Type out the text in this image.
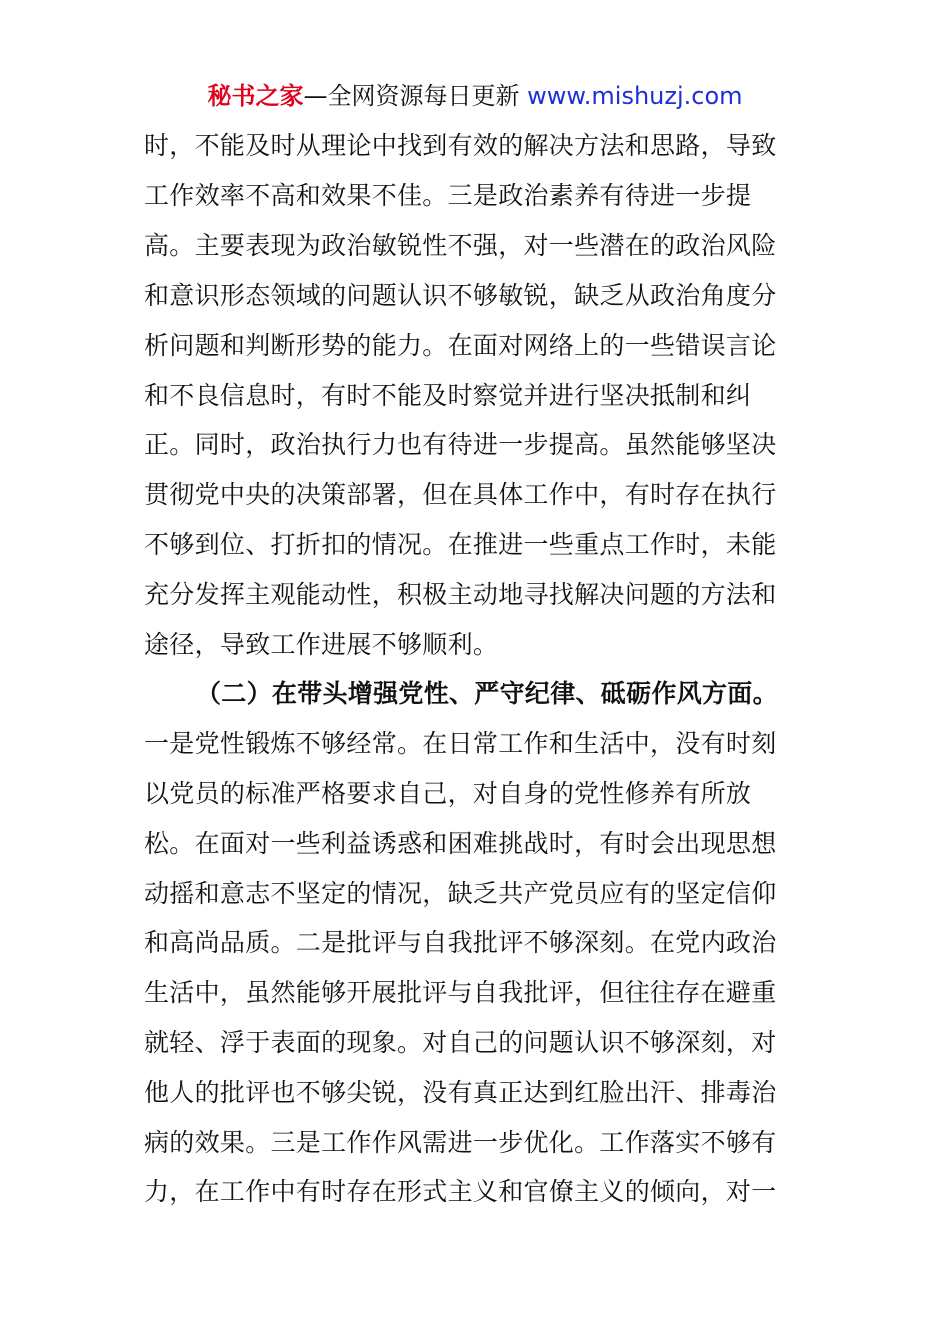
秘书之家—全网资源每日更新 www.mishuzj.com
时，不能及时从理论中找到有效的解决方法和思路，导致
工作效率不高和效果不佳。三是政治素养有待进一步提
高。主要表现为政治敏锐性不强，对一些潜在的政治风险
和意识形态领域的问题认识不够敏锐，缺乏从政治角度分
析问题和判断形势的能力。在面对网络上的一些错误言论
和不良信息时，有时不能及时察觉并进行坚决抵制和纠
正。同时，政治执行力也有待进一步提高。虽然能够坚决
贯彻党中央的决策部署，但在具体工作中，有时存在执行
不够到位、打折扣的情况。在推进一些重点工作时，未能
充分发挥主观能动性，积极主动地寻找解决问题的方法和
途径，导致工作进展不够顺利。
（二）在带头增强党性、严守纪律、砥砺作风方面。
一是党性锻炼不够经常。在日常工作和生活中，没有时刻
以党员的标准严格要求自己，对自身的党性修养有所放
松。在面对一些利益诱惑和困难挑战时，有时会出现思想
动摇和意志不坚定的情况，缺乏共产党员应有的坚定信仰
和高尚品质。二是批评与自我批评不够深刻。在党内政治
生活中，虽然能够开展批评与自我批评，但往往存在避重
就轻、浮于表面的现象。对自己的问题认识不够深刻，对
他人的批评也不够尖锐，没有真正达到红脸出汗、排毒治
病的效果。三是工作作风需进一步优化。工作落实不够有
力，在工作中有时存在形式主义和官僚主义的倾向，对一
